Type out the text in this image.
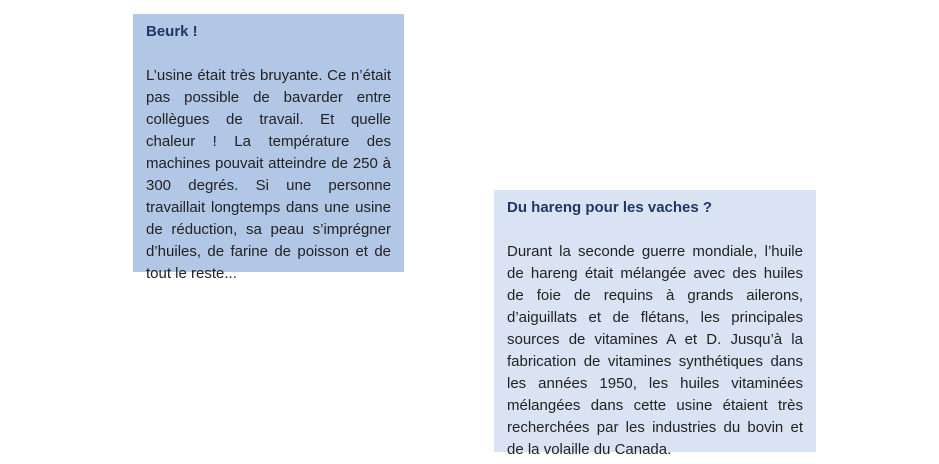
Beurk !

L’usine était très bruyante. Ce n’était pas possible de bavarder entre collègues de travail. Et quelle chaleur ! La température des machines pouvait atteindre de 250 à 300 degrés. Si une personne travaillait longtemps dans une usine de réduction, sa peau s’imprégner d’huiles, de farine de poisson et de tout le reste...

Du hareng pour les vaches ?

Durant la seconde guerre mondiale, l’huile de hareng était mélangée avec des huiles de foie de requins à grands ailerons, d’aiguillats et de flétans, les principales sources de vitamines A et D. Jusqu’à la fabrication de vitamines synthétiques dans les années 1950, les huiles vitaminées mélangées dans cette usine étaient très recherchées par les industries du bovin et de la volaille du Canada.
